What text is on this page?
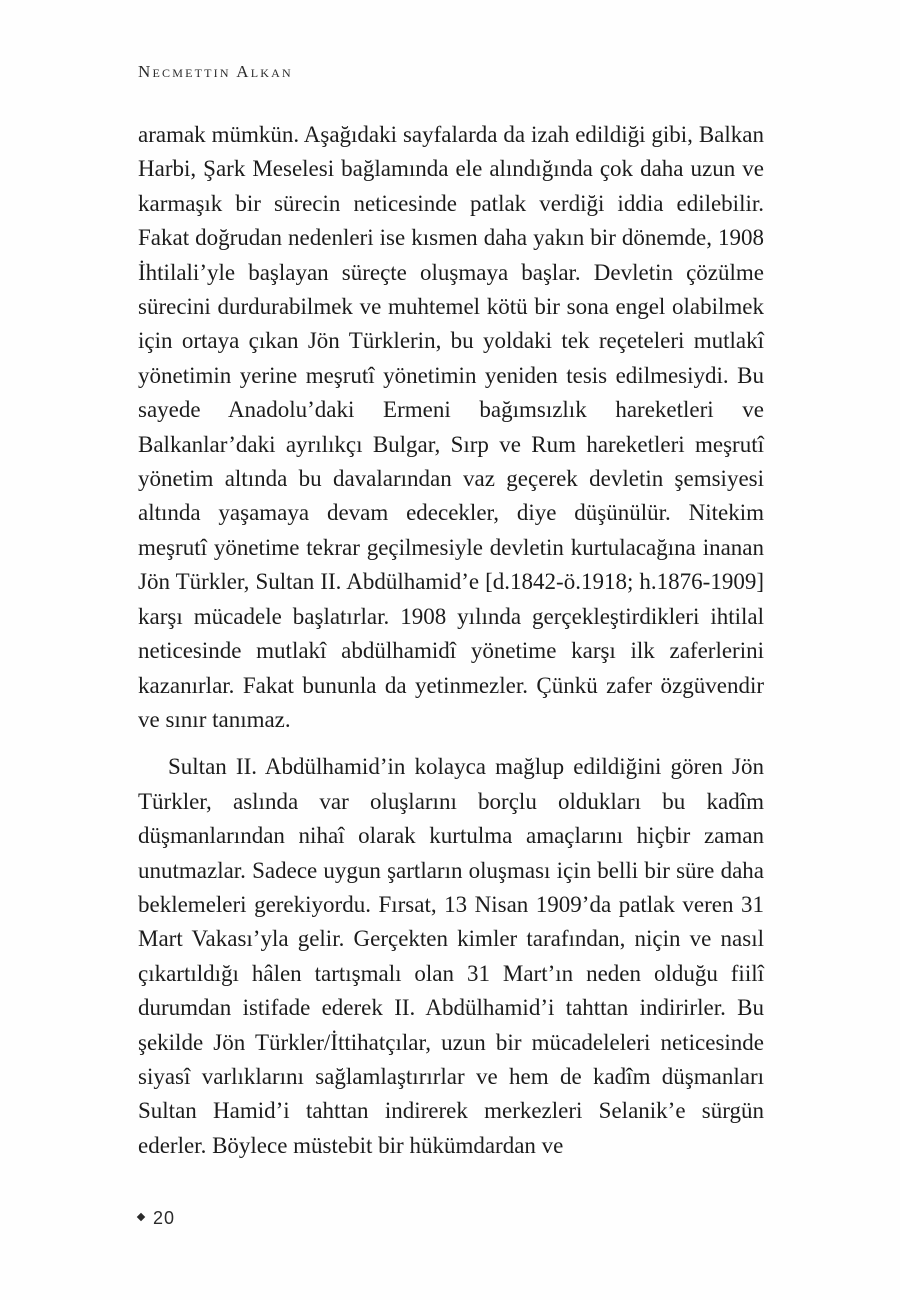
Necmettin Alkan

aramak mümkün. Aşağıdaki sayfalarda da izah edildiği gibi, Balkan Harbi, Şark Meselesi bağlamında ele alındığında çok daha uzun ve karmaşık bir sürecin neticesinde patlak verdiği iddia edilebilir. Fakat doğrudan nedenleri ise kısmen daha yakın bir dönemde, 1908 İhtilali’yle başlayan süreçte oluşmaya başlar. Devletin çözülme sürecini durdurabilmek ve muhtemel kötü bir sona engel olabilmek için ortaya çıkan Jön Türklerin, bu yoldaki tek reçeteleri mutlakî yönetimin yerine meşrutî yönetimin yeniden tesis edilmesiydi. Bu sayede Anadolu’daki Ermeni bağımsızlık hareketleri ve Balkanlar’daki ayrılıkçı Bulgar, Sırp ve Rum hareketleri meşrutî yönetim altında bu davalarından vaz geçerek devletin şemsiyesi altında yaşamaya devam edecekler, diye düşünülür. Nitekim meşrutî yönetime tekrar geçilmesiyle devletin kurtulacağına inanan Jön Türkler, Sultan II. Abdülhamid’e [d.1842-ö.1918; h.1876-1909] karşı mücadele başlatırlar. 1908 yılında gerçekleştirdikleri ihtilal neticesinde mutlakî abdülhamidî yönetime karşı ilk zaferlerini kazanırlar. Fakat bununla da yetinmezler. Çünkü zafer özgüvendir ve sınır tanımaz.

Sultan II. Abdülhamid’in kolayca mağlup edildiğini gören Jön Türkler, aslında var oluşlarını borçlu oldukları bu kadîm düşmanlarından nihaî olarak kurtulma amaçlarını hiçbir zaman unutmazlar. Sadece uygun şartların oluşması için belli bir süre daha beklemeleri gerekiyordu. Fırsat, 13 Nisan 1909’da patlak veren 31 Mart Vakası’yla gelir. Gerçekten kimler tarafından, niçin ve nasıl çıkartıldığı hâlen tartışmalı olan 31 Mart’ın neden olduğu fiilî durumdan istifade ederek II. Abdülhamid’i tahttan indirirler. Bu şekilde Jön Türkler/İttihatçılar, uzun bir mücadeleleri neticesinde siyasî varlıklarını sağlamlaştırırlar ve hem de kadîm düşmanları Sultan Hamid’i tahttan indirerek merkezleri Selanik’e sürgün ederler. Böylece müstebit bir hükümdardan ve

20
